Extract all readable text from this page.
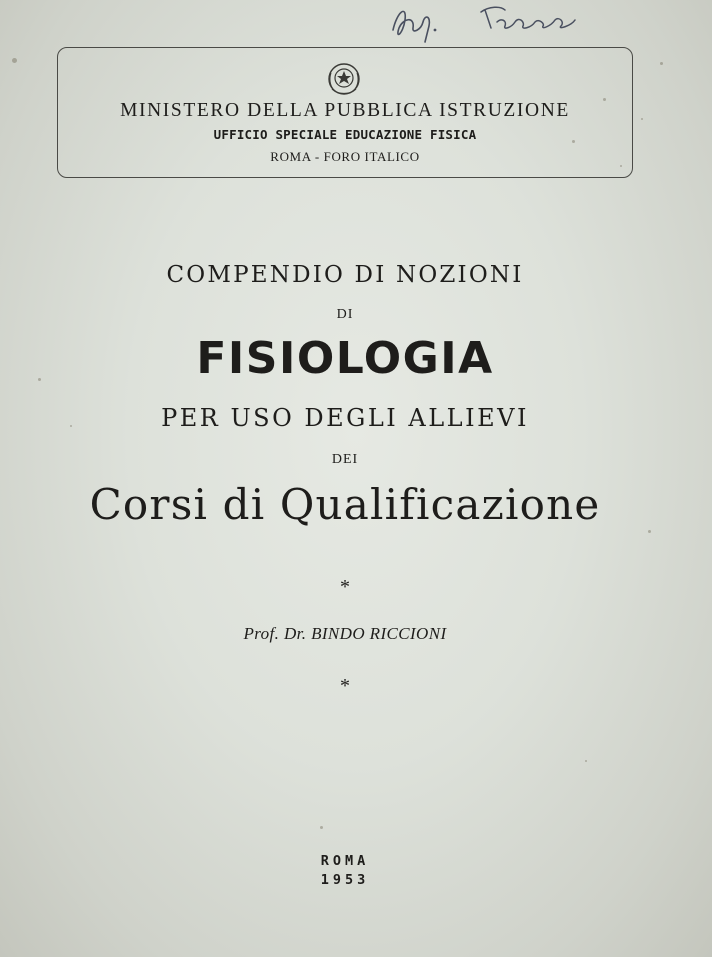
MINISTERO DELLA PUBBLICA ISTRUZIONE
UFFICIO SPECIALE EDUCAZIONE FISICA
ROMA - FORO ITALICO
COMPENDIO DI NOZIONI
DI
FISIOLOGIA
PER USO DEGLI ALLIEVI
DEI
Corsi di Qualificazione
*
Prof. Dr. BINDO RICCIONI
*
ROMA
1953
